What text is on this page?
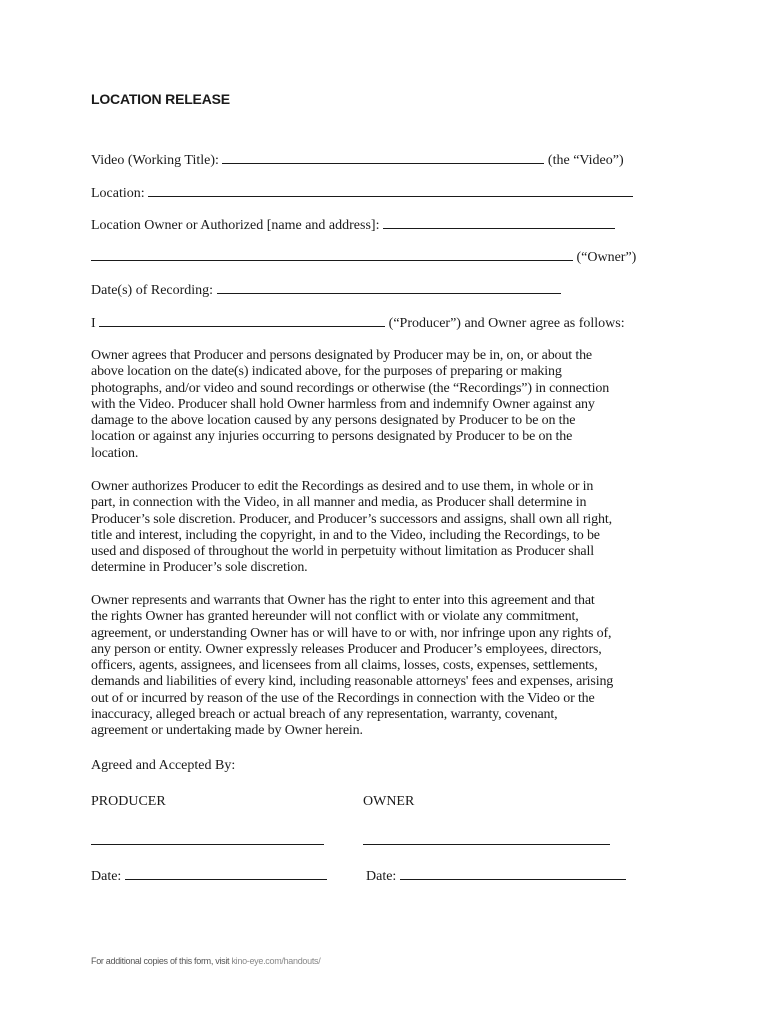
LOCATION RELEASE
Video (Working Title):	(the “Video”)
Location:
Location Owner or Authorized [name and address]:
(“Owner”)
Date(s) of Recording:
I	(“Producer”) and Owner agree as follows:
Owner agrees that Producer and persons designated by Producer may be in, on, or about the
above location on the date(s) indicated above, for the purposes of preparing or making
photographs, and/or video and sound recordings or otherwise (the “Recordings”) in connection
with the Video. Producer shall hold Owner harmless from and indemnify Owner against any
damage to the above location caused by any persons designated by Producer to be on the
location or against any injuries occurring to persons designated by Producer to be on the
location.
Owner authorizes Producer to edit the Recordings as desired and to use them, in whole or in
part, in connection with the Video, in all manner and media, as Producer shall determine in
Producer’s sole discretion. Producer, and Producer’s successors and assigns, shall own all right,
title and interest, including the copyright, in and to the Video, including the Recordings, to be
used and disposed of throughout the world in perpetuity without limitation as Producer shall
determine in Producer’s sole discretion.
Owner represents and warrants that Owner has the right to enter into this agreement and that
the rights Owner has granted hereunder will not conflict with or violate any commitment,
agreement, or understanding Owner has or will have to or with, nor infringe upon any rights of,
any person or entity. Owner expressly releases Producer and Producer’s employees, directors,
officers, agents, assignees, and licensees from all claims, losses, costs, expenses, settlements,
demands and liabilities of every kind, including reasonable attorneys' fees and expenses, arising
out of or incurred by reason of the use of the Recordings in connection with the Video or the
inaccuracy, alleged breach or actual breach of any representation, warranty, covenant,
agreement or undertaking made by Owner herein.
Agreed and Accepted By:
PRODUCER	OWNER
Date:	Date:
For additional copies of this form, visit kino-eye.com/handouts/
